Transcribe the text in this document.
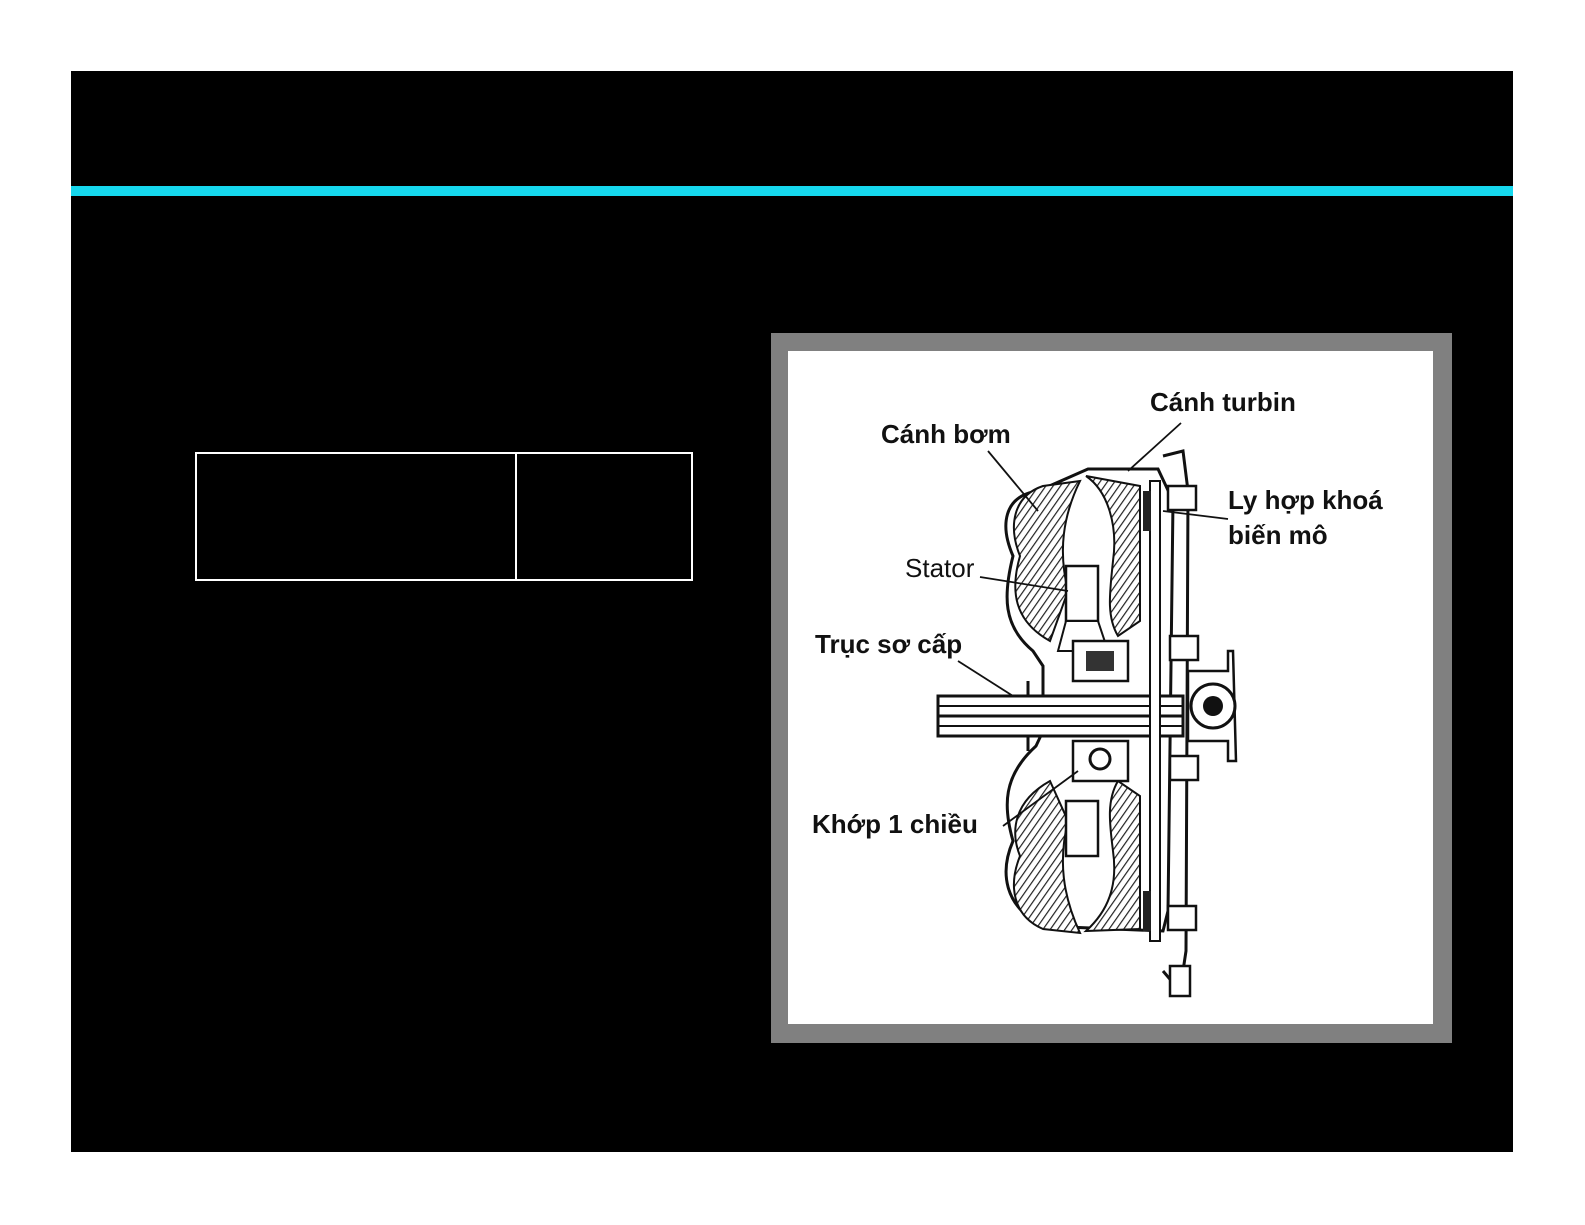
Cánh turbin
Cánh bơm
Ly hợp khoá
biến mô
Stator
Trục sơ cấp
Khớp 1 chiều
